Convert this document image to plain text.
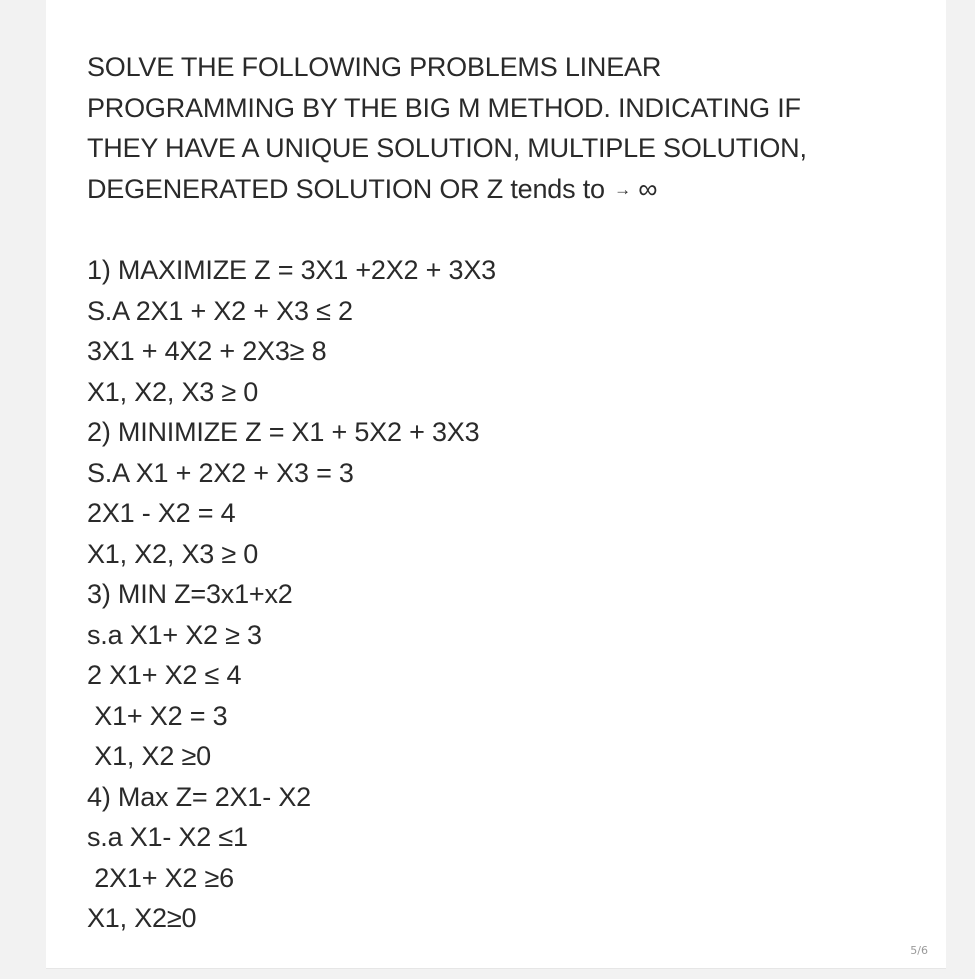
SOLVE THE FOLLOWING PROBLEMS LINEAR
PROGRAMMING BY THE BIG M METHOD. INDICATING IF
THEY HAVE A UNIQUE SOLUTION, MULTIPLE SOLUTION,
DEGENERATED SOLUTION OR Z tends to → ∞
1) MAXIMIZE Z = 3X1 +2X2 + 3X3
S.A 2X1 + X2 + X3 ≤ 2
3X1 + 4X2 + 2X3≥ 8
X1, X2, X3 ≥ 0
2) MINIMIZE Z = X1 + 5X2 + 3X3
S.A X1 + 2X2 + X3 = 3
2X1 - X2 = 4
X1, X2, X3 ≥ 0
3) MIN Z=3x1+x2
s.a X1+ X2 ≥ 3
2 X1+ X2 ≤ 4
X1+ X2 = 3
X1, X2 ≥0
4) Max Z= 2X1- X2
s.a X1- X2 ≤1
2X1+ X2 ≥6
X1, X2≥0
5/6
